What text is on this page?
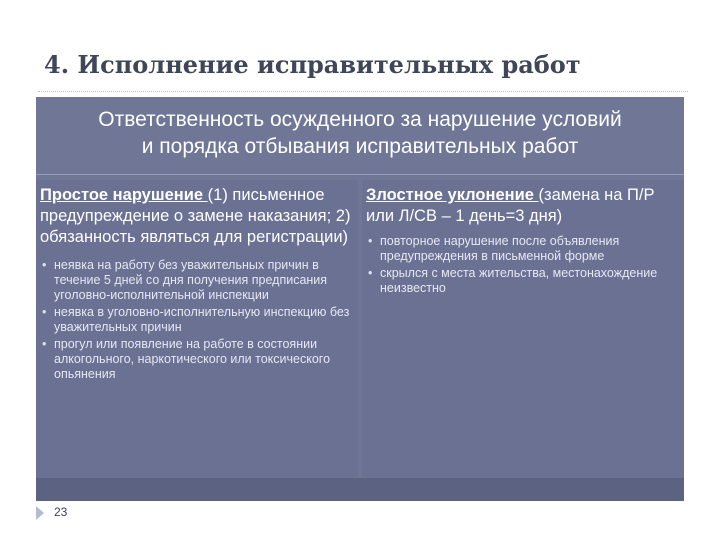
4. Исполнение исправительных работ
Ответственность осужденного за нарушение условий
и порядка отбывания исправительных работ

Простое нарушение (1) письменное предупреждение о замене наказания; 2) обязанность являться для регистрации)

• неявка на работу без уважительных причин в течение 5 дней со дня получения предписания уголовно-исполнительной инспекции
• неявка в уголовно-исполнительную инспекцию без уважительных причин
• прогул или появление на работе в состоянии алкогольного, наркотического или токсического опьянения

Злостное уклонение (замена на П/Р или Л/СВ – 1 день=3 дня)

• повторное нарушение после объявления предупреждения в письменной форме
• скрылся с места жительства, местонахождение неизвестно
23
